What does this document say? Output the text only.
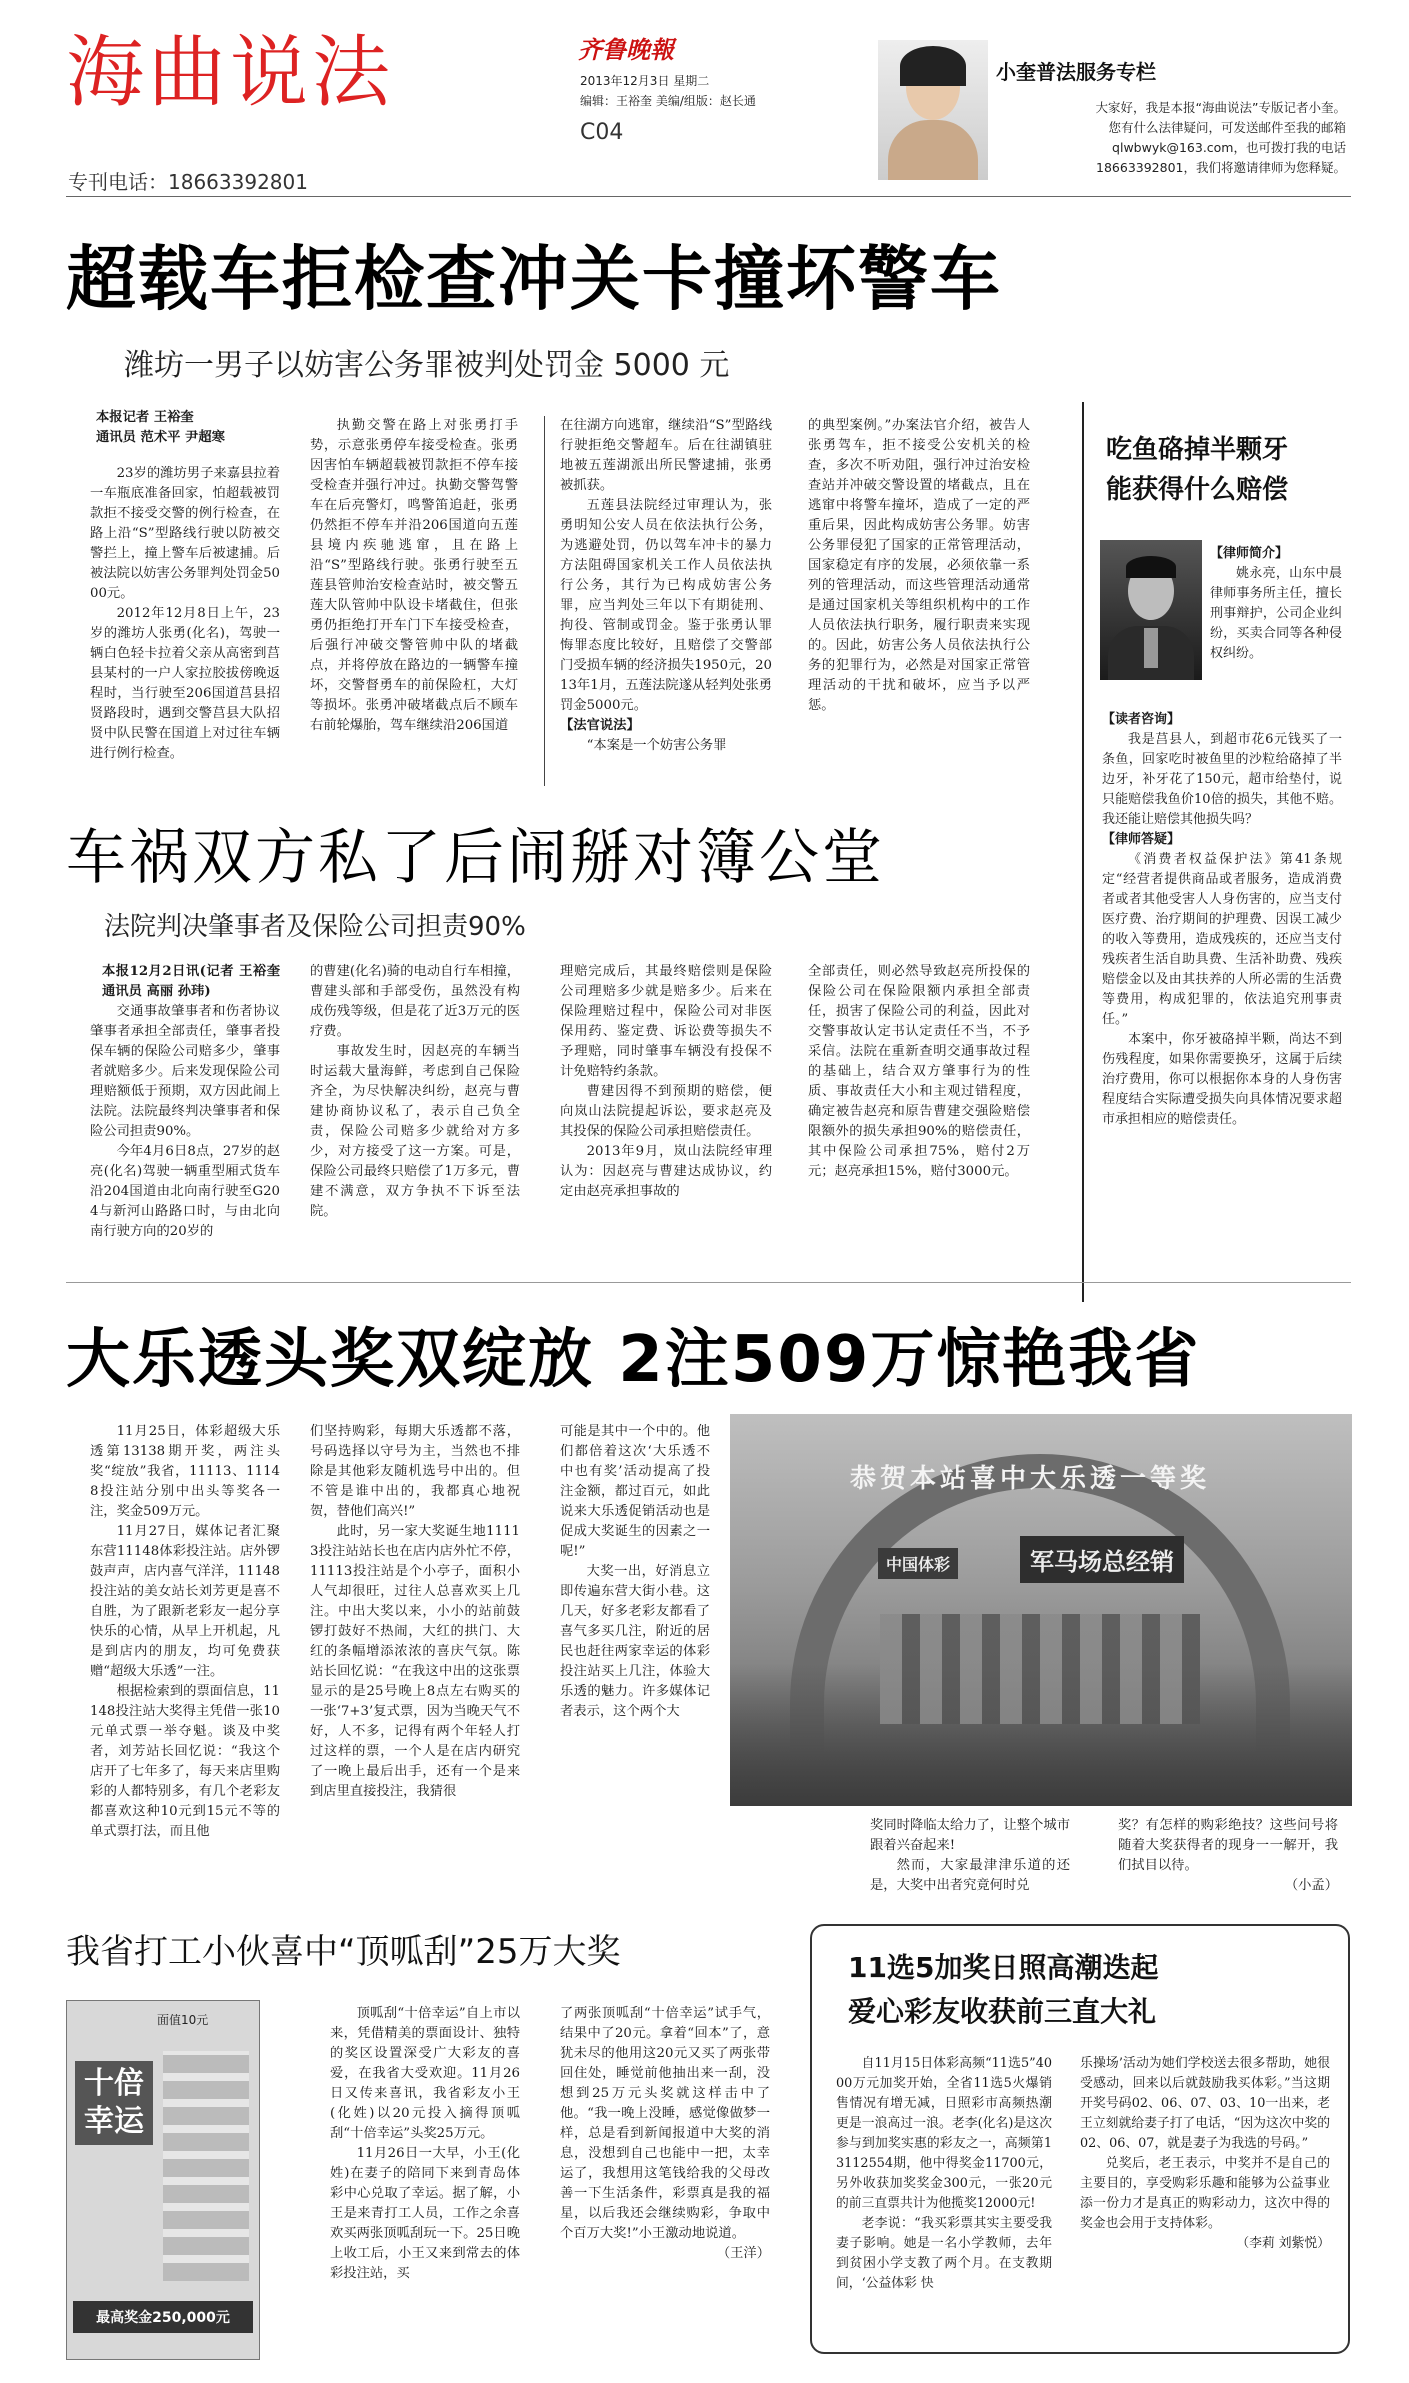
海曲说法
专刊电话：18663392801
齐鲁晚報
2013年12月3日 星期二
编辑：王裕奎 美编/组版：赵长通
C04
小奎普法服务专栏
大家好，我是本报“海曲说法”专版记者小奎。
您有什么法律疑问，可发送邮件至我的邮箱
qlwbwyk@163.com，也可拨打我的电话
18663392801，我们将邀请律师为您释疑。
超载车拒检查冲关卡撞坏警车
潍坊一男子以妨害公务罪被判处罚金 5000 元

本报记者 王裕奎

通讯员 范术平 尹超寒

23岁的潍坊男子来嘉县拉着一车瓶底准备回家，怕超载被罚款拒不接受交警的例行检查，在路上沿“S”型路线行驶以防被交警拦上，撞上警车后被逮捕。后被法院以妨害公务罪判处罚金5000元。

2012年12月8日上午，23岁的潍坊人张勇(化名)，驾驶一辆白色轻卡拉着父亲从高密到莒县某村的一户人家拉胶拔傍晚返程时，当行驶至206国道莒县招贤路段时，遇到交警莒县大队招贤中队民警在国道上对过往车辆进行例行检查。

执勤交警在路上对张勇打手势，示意张勇停车接受检查。张勇因害怕车辆超载被罚款拒不停车接受检查并强行冲过。执勤交警驾警车在后亮警灯，鸣警笛追赶，张勇仍然拒不停车并沿206国道向五莲县境内疾驰逃窜，且在路上沿“S”型路线行驶。张勇行驶至五莲县管帅治安检查站时，被交警五莲大队管帅中队设卡堵截住，但张勇仍拒绝打开车门下车接受检查，后强行冲破交警管帅中队的堵截点，并将停放在路边的一辆警车撞坏，交警督勇车的前保险杠，大灯等损坏。张勇冲破堵截点后不顾车右前轮爆胎，驾车继续沿206国道

在往湖方向逃窜，继续沿“S”型路线行驶拒绝交警超车。后在往湖镇驻地被五莲湖派出所民警逮捕，张勇被抓获。

五莲县法院经过审理认为，张勇明知公安人员在依法执行公务，为逃避处罚，仍以驾车冲卡的暴力方法阻碍国家机关工作人员依法执行公务，其行为已构成妨害公务罪，应当判处三年以下有期徒刑、拘役、管制或罚金。鉴于张勇认罪悔罪态度比较好，且赔偿了交警部门受损车辆的经济损失1950元，2013年1月，五莲法院遂从轻判处张勇罚金5000元。

【法官说法】

“本案是一个妨害公务罪

的典型案例。”办案法官介绍，被告人张勇驾车，拒不接受公安机关的检查，多次不听劝阻，强行冲过治安检查站并冲破交警设置的堵截点，且在逃窜中将警车撞坏，造成了一定的严重后果，因此构成妨害公务罪。妨害公务罪侵犯了国家的正常管理活动，国家稳定有序的发展，必须依靠一系列的管理活动，而这些管理活动通常是通过国家机关等组织机构中的工作人员依法执行职务，履行职责来实现的。因此，妨害公务人员依法执行公务的犯罪行为，必然是对国家正常管理活动的干扰和破坏，应当予以严惩。

吃鱼硌掉半颗牙
能获得什么赔偿

【律师简介】

姚永亮，山东中晨律师事务所主任，擅长刑事辩护，公司企业纠纷，买卖合同等各种侵权纠纷。

【读者咨询】

我是莒县人，到超市花6元钱买了一条鱼，回家吃时被鱼里的沙粒给硌掉了半边牙，补牙花了150元，超市给垫付，说只能赔偿我鱼价10倍的损失，其他不赔。我还能让赔偿其他损失吗？

【律师答疑】

《消费者权益保护法》第41条规定“经营者提供商品或者服务，造成消费者或者其他受害人人身伤害的，应当支付医疗费、治疗期间的护理费、因误工减少的收入等费用，造成残疾的，还应当支付残疾者生活自助具费、生活补助费、残疾赔偿金以及由其扶养的人所必需的生活费等费用，构成犯罪的，依法追究刑事责任。”

本案中，你牙被硌掉半颗，尚达不到伤残程度，如果你需要换牙，这属于后续治疗费用，你可以根据你本身的人身伤害程度结合实际遭受损失向具体情况要求超市承担相应的赔偿责任。

车祸双方私了后闹掰对簿公堂
法院判决肇事者及保险公司担责90%

本报12月2日讯(记者 王裕奎 通讯员 高丽 孙玮)

交通事故肇事者和伤者协议肇事者承担全部责任，肇事者投保车辆的保险公司赔多少，肇事者就赔多少。后来发现保险公司理赔额低于预期，双方因此闹上法院。法院最终判决肇事者和保险公司担责90%。

今年4月6日8点，27岁的赵亮(化名)驾驶一辆重型厢式货车沿204国道由北向南行驶至G204与新河山路路口时，与由北向南行驶方向的20岁的

的曹建(化名)骑的电动自行车相撞，曹建头部和手部受伤，虽然没有构成伤残等级，但是花了近3万元的医疗费。

事故发生时，因赵亮的车辆当时运载大量海鲜，考虑到自己保险齐全，为尽快解决纠纷，赵亮与曹建协商协议私了，表示自己负全责，保险公司赔多少就给对方多少，对方接受了这一方案。可是，保险公司最终只赔偿了1万多元，曹建不满意，双方争执不下诉至法院。

理赔完成后，其最终赔偿则是保险公司理赔多少就是赔多少。后来在保险理赔过程中，保险公司对非医保用药、鉴定费、诉讼费等损失不予理赔，同时肇事车辆没有投保不计免赔特约条款。

曹建因得不到预期的赔偿，便向岚山法院提起诉讼，要求赵亮及其投保的保险公司承担赔偿责任。

2013年9月，岚山法院经审理认为：因赵亮与曹建达成协议，约定由赵亮承担事故的

全部责任，则必然导致赵亮所投保的保险公司在保险限额内承担全部责任，损害了保险公司的利益，因此对交警事故认定书认定责任不当，不予采信。法院在重新查明交通事故过程的基础上，结合双方肇事行为的性质、事故责任大小和主观过错程度，确定被告赵亮和原告曹建交强险赔偿限额外的损失承担90%的赔偿责任，其中保险公司承担75%，赔付2万元；赵亮承担15%，赔付3000元。

大乐透头奖双绽放 2注509万惊艳我省

11月25日，体彩超级大乐透第13138期开奖，两注头奖“绽放”我省，11113、11148投注站分别中出头等奖各一注，奖金509万元。

11月27日，媒体记者汇聚东营11148体彩投注站。店外锣鼓声声，店内喜气洋洋，11148投注站的美女站长刘芳更是喜不自胜，为了跟新老彩友一起分享快乐的心情，从早上开机起，凡是到店内的朋友，均可免费获赠“超级大乐透”一注。

根据检索到的票面信息，11148投注站大奖得主凭借一张10元单式票一举夺魁。谈及中奖者，刘芳站长回忆说：“我这个店开了七年多了，每天来店里购彩的人都特别多，有几个老彩友都喜欢这种10元到15元不等的单式票打法，而且他

们坚持购彩，每期大乐透都不落，号码选择以守号为主，当然也不排除是其他彩友随机选号中出的。但不管是谁中出的，我都真心地祝贺，替他们高兴!”

此时，另一家大奖诞生地11113投注站站长也在店内店外忙不停，11113投注站是个小亭子，面积小人气却很旺，过往人总喜欢买上几注。中出大奖以来，小小的站前鼓锣打鼓好不热闹，大红的拱门、大红的条幅增添浓浓的喜庆气氛。陈站长回忆说：“在我这中出的这张票显示的是25号晚上8点左右购买的一张‘7+3’复式票，因为当晚天气不好，人不多，记得有两个年轻人打过这样的票，一个人是在店内研究了一晚上最后出手，还有一个是来到店里直接投注，我猜很

可能是其中一个中的。他们都倍着这次‘大乐透不中也有奖’活动提高了投注金额，都过百元，如此说来大乐透促销活动也是促成大奖诞生的因素之一呢!”

大奖一出，好消息立即传遍东营大街小巷。这几天，好多老彩友都看了喜气多买几注，附近的居民也赶往两家幸运的体彩投注站买上几注，体验大乐透的魅力。许多媒体记者表示，这个两个大

恭贺本站喜中大乐透一等奖
军马场总经销
中国体彩

奖同时降临太给力了，让整个城市跟着兴奋起来!

然而，大家最津津乐道的还是，大奖中出者究竟何时兑

奖？有怎样的购彩绝技？这些问号将随着大奖获得者的现身一一解开，我们拭目以待。

（小孟）

我省打工小伙喜中“顶呱刮”25万大奖
面值10元
十倍幸运
最高奖金250,000元

顶呱刮“十倍幸运”自上市以来，凭借精美的票面设计、独特的奖区设置深受广大彩友的喜爱，在我省大受欢迎。11月26日又传来喜讯，我省彩友小王(化姓)以20元投入摘得顶呱刮“十倍幸运”头奖25万元。

11月26日一大早，小王(化姓)在妻子的陪同下来到青岛体彩中心兑取了幸运。据了解，小王是来青打工人员，工作之余喜欢买两张顶呱刮玩一下。25日晚上收工后，小王又来到常去的体彩投注站，买

了两张顶呱刮“十倍幸运”试手气，结果中了20元。拿着“回本”了，意犹未尽的他用这20元又买了两张带回住处，睡觉前他抽出来一刮，没想到25万元头奖就这样击中了他。“我一晚上没睡，感觉像做梦一样，总是看到新闻报道中大奖的消息，没想到自己也能中一把，太幸运了，我想用这笔钱给我的父母改善一下生活条件，彩票真是我的福星，以后我还会继续购彩，争取中个百万大奖!”小王激动地说道。

（王洋）

11选5加奖日照高潮迭起
爱心彩友收获前三直大礼

自11月15日体彩高频“11选5”4000万元加奖开始，全省11选5火爆销售情况有增无减，日照彩市高频热潮更是一浪高过一浪。老李(化名)是这次参与到加奖实惠的彩友之一，高频第13112554期，他中得奖金11700元，另外收获加奖奖金300元，一张20元的前三直票共计为他揽奖12000元!

老李说：“我买彩票其实主要受我妻子影响。她是一名小学教师，去年到贫困小学支教了两个月。在支教期间，‘公益体彩 快

乐操场’活动为她们学校送去很多帮助，她很受感动，回来以后就鼓励我买体彩。”当这期开奖号码02、06、07、03、10一出来，老王立刻就给妻子打了电话，“因为这次中奖的02、06、07，就是妻子为我选的号码。”

兑奖后，老王表示，中奖并不是自己的主要目的，享受购彩乐趣和能够为公益事业添一份力才是真正的购彩动力，这次中得的奖金也会用于支持体彩。

（李莉 刘紫悦）
